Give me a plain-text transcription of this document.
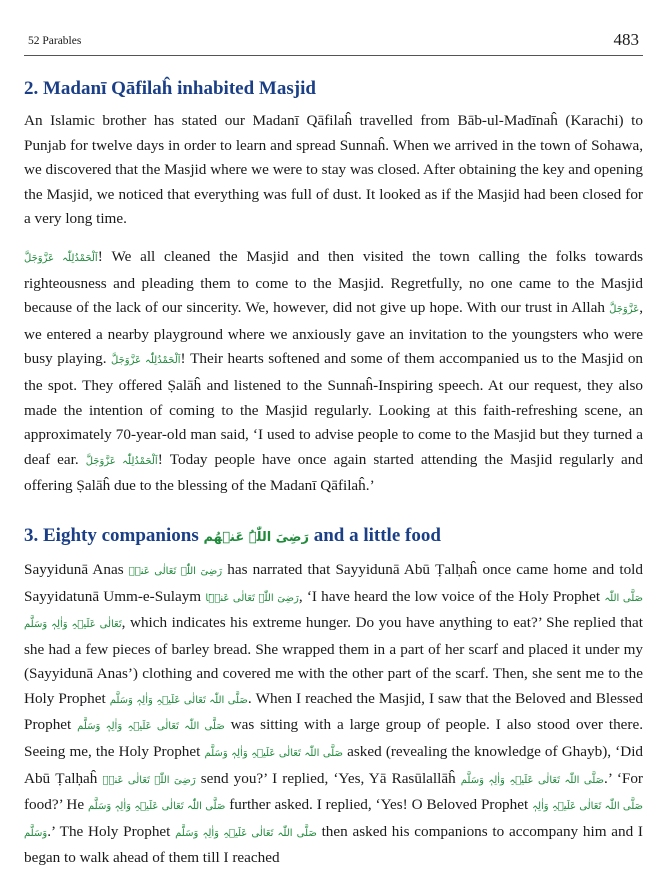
52 Parables	483
2. Madanī Qāfilaĥ inhabited Masjid

An Islamic brother has stated our Madanī Qāfilaĥ travelled from Bāb-ul-Madīnaĥ (Karachi) to Punjab for twelve days in order to learn and spread Sunnaĥ. When we arrived in the town of Sohawa, we discovered that the Masjid where we were to stay was closed. After obtaining the key and opening the Masjid, we noticed that everything was full of dust. It looked as if the Masjid had been closed for a very long time.

اَلْحَمْدُلِلّٰہ عَزَّوَجَلَّ! We all cleaned the Masjid and then visited the town calling the folks towards righteousness and pleading them to come to the Masjid. Regretfully, no one came to the Masjid because of the lack of our sincerity. We, however, did not give up hope. With our trust in Allah عَزَّوَجَلَّ, we entered a nearby playground where we anxiously gave an invitation to the youngsters who were busy playing. اَلْحَمْدُلِلّٰہ عَزَّوَجَلَّ! Their hearts softened and some of them accompanied us to the Masjid on the spot. They offered Ṣalāĥ and listened to the Sunnaĥ-Inspiring speech. At our request, they also made the intention of coming to the Masjid regularly. Looking at this faith-refreshing scene, an approximately 70-year-old man said, ‘I used to advise people to come to the Masjid but they turned a deaf ear. اَلْحَمْدُلِلّٰہ عَزَّوَجَلَّ! Today people have once again started attending the Masjid regularly and offering Ṣalāĥ due to the blessing of the Madanī Qāfilaĥ.’

3. Eighty companions رَضِیَ اللّٰہُ عَنۡھُم and a little food

Sayyidunā Anas رَضِیَ اللّٰہ تَعَالٰی عَنۡہ has narrated that Sayyidunā Abū Ṭalḥaĥ once came home and told Sayyidatunā Umm-e-Sulaym رَضِیَ اللّٰہ تَعَالٰی عَنۡہَا, ‘I have heard the low voice of the Holy Prophet صَلَّی اللّٰہ تَعَالٰی عَلَیۡہِ وَاٰلِہٖ وَسَلَّم, which indicates his extreme hunger. Do you have anything to eat?’ She replied that she had a few pieces of barley bread. She wrapped them in a part of her scarf and placed it under my (Sayyidunā Anas’) clothing and covered me with the other part of the scarf. Then, she sent me to the Holy Prophet صَلَّی اللّٰہ تَعَالٰی عَلَیۡہِ وَاٰلِہٖ وَسَلَّم. When I reached the Masjid, I saw that the Beloved and Blessed Prophet صَلَّی اللّٰہ تَعَالٰی عَلَیۡہِ وَاٰلِہٖ وَسَلَّم was sitting with a large group of people. I also stood over there. Seeing me, the Holy Prophet صَلَّی اللّٰہ تَعَالٰی عَلَیۡہِ وَاٰلِہٖ وَسَلَّم asked (revealing the knowledge of Ghayb), ‘Did Abū Ṭalḥaĥ رَضِیَ اللّٰہ تَعَالٰی عَنۡہ send you?’ I replied, ‘Yes, Yā Rasūlallāĥ صَلَّی اللّٰہ تَعَالٰی عَلَیۡہِ وَاٰلِہٖ وَسَلَّم.’ ‘For food?’ He صَلَّی اللّٰہ تَعَالٰی عَلَیۡہِ وَاٰلِہٖ وَسَلَّم further asked. I replied, ‘Yes! O Beloved Prophet صَلَّی اللّٰہ تَعَالٰی عَلَیۡہِ وَاٰلِہٖ وَسَلَّم.’ The Holy Prophet صَلَّی اللّٰہ تَعَالٰی عَلَیۡہِ وَاٰلِہٖ وَسَلَّم then asked his companions to accompany him and I began to walk ahead of them till I reached
